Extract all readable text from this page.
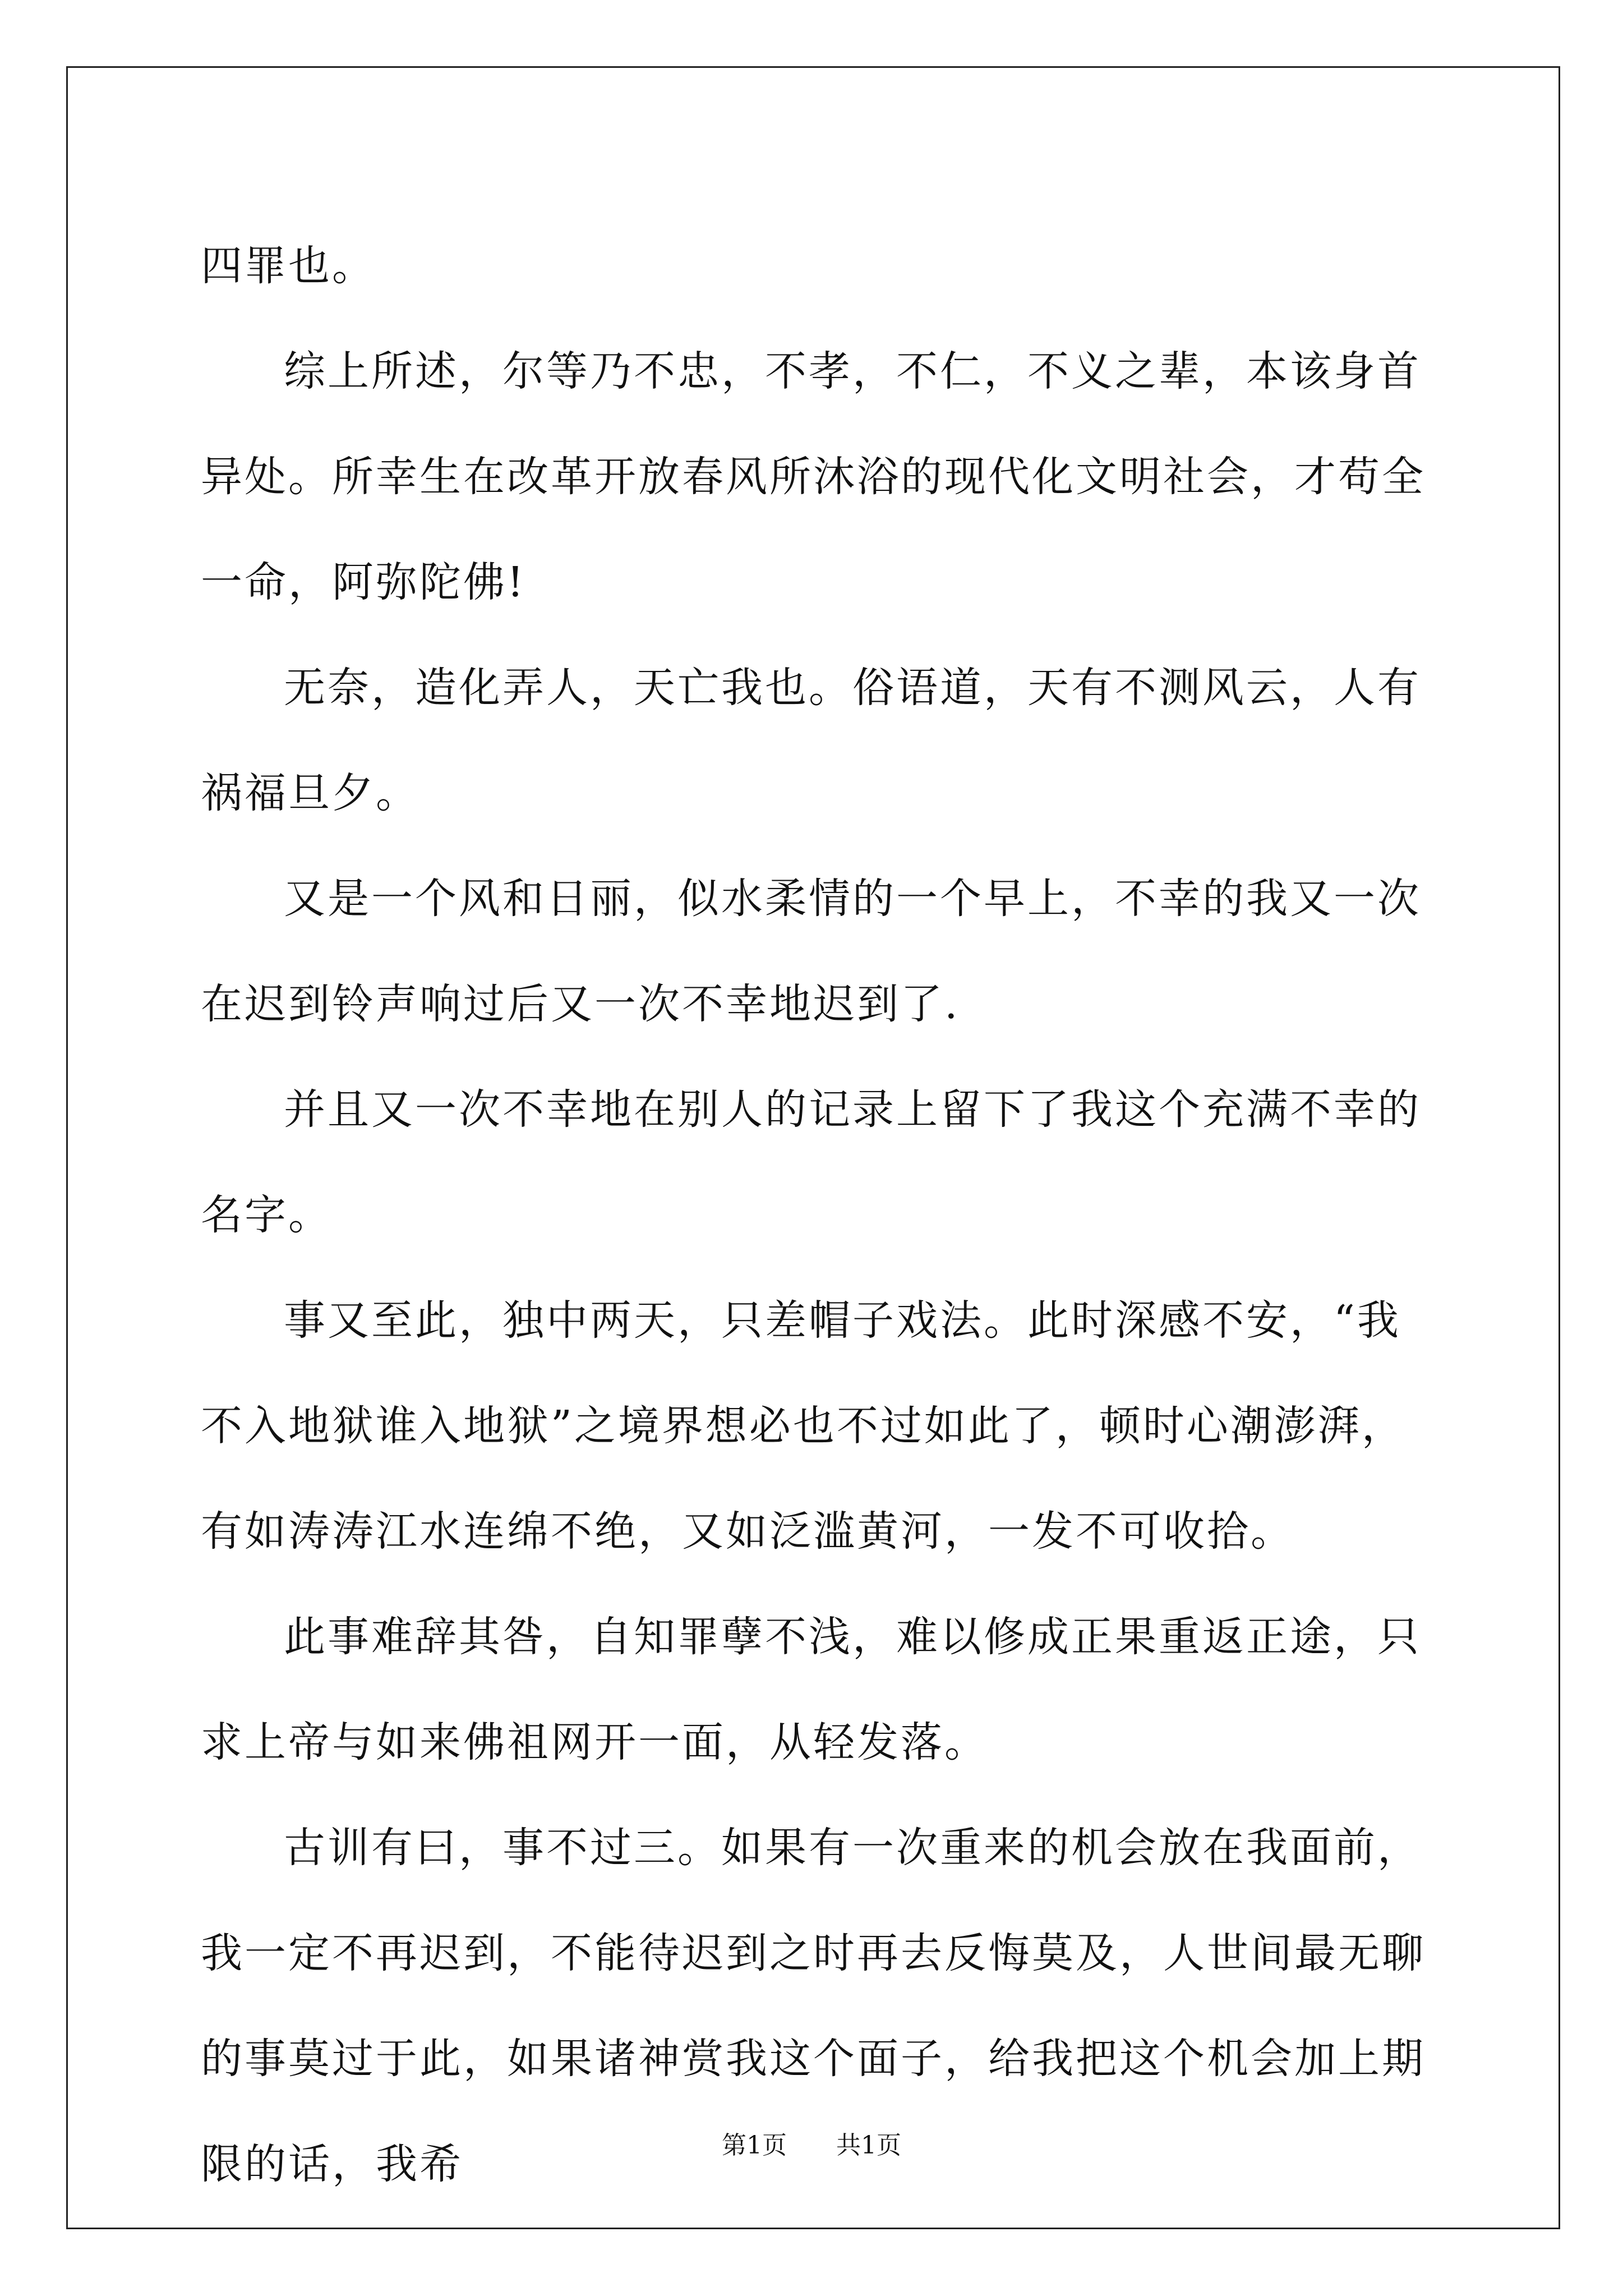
四罪也。

综上所述，尔等乃不忠，不孝，不仁，不义之辈，本该身首异处。所幸生在改革开放春风所沐浴的现代化文明社会，才苟全一命，阿弥陀佛!

无奈，造化弄人，天亡我也。俗语道，天有不测风云，人有祸福旦夕。

又是一个风和日丽，似水柔情的一个早上，不幸的我又一次在迟到铃声响过后又一次不幸地迟到了.

并且又一次不幸地在别人的记录上留下了我这个充满不幸的名字。

事又至此，独中两天，只差帽子戏法。此时深感不安，“我不入地狱谁入地狱”之境界想必也不过如此了，顿时心潮澎湃，有如涛涛江水连绵不绝，又如泛滥黄河，一发不可收拾。

此事难辞其咎，自知罪孽不浅，难以修成正果重返正途，只求上帝与如来佛祖网开一面，从轻发落。

古训有曰，事不过三。如果有一次重来的机会放在我面前，我一定不再迟到，不能待迟到之时再去反悔莫及，人世间最无聊的事莫过于此，如果诸神赏我这个面子，给我把这个机会加上期限的话，我希	第1页 共1页
